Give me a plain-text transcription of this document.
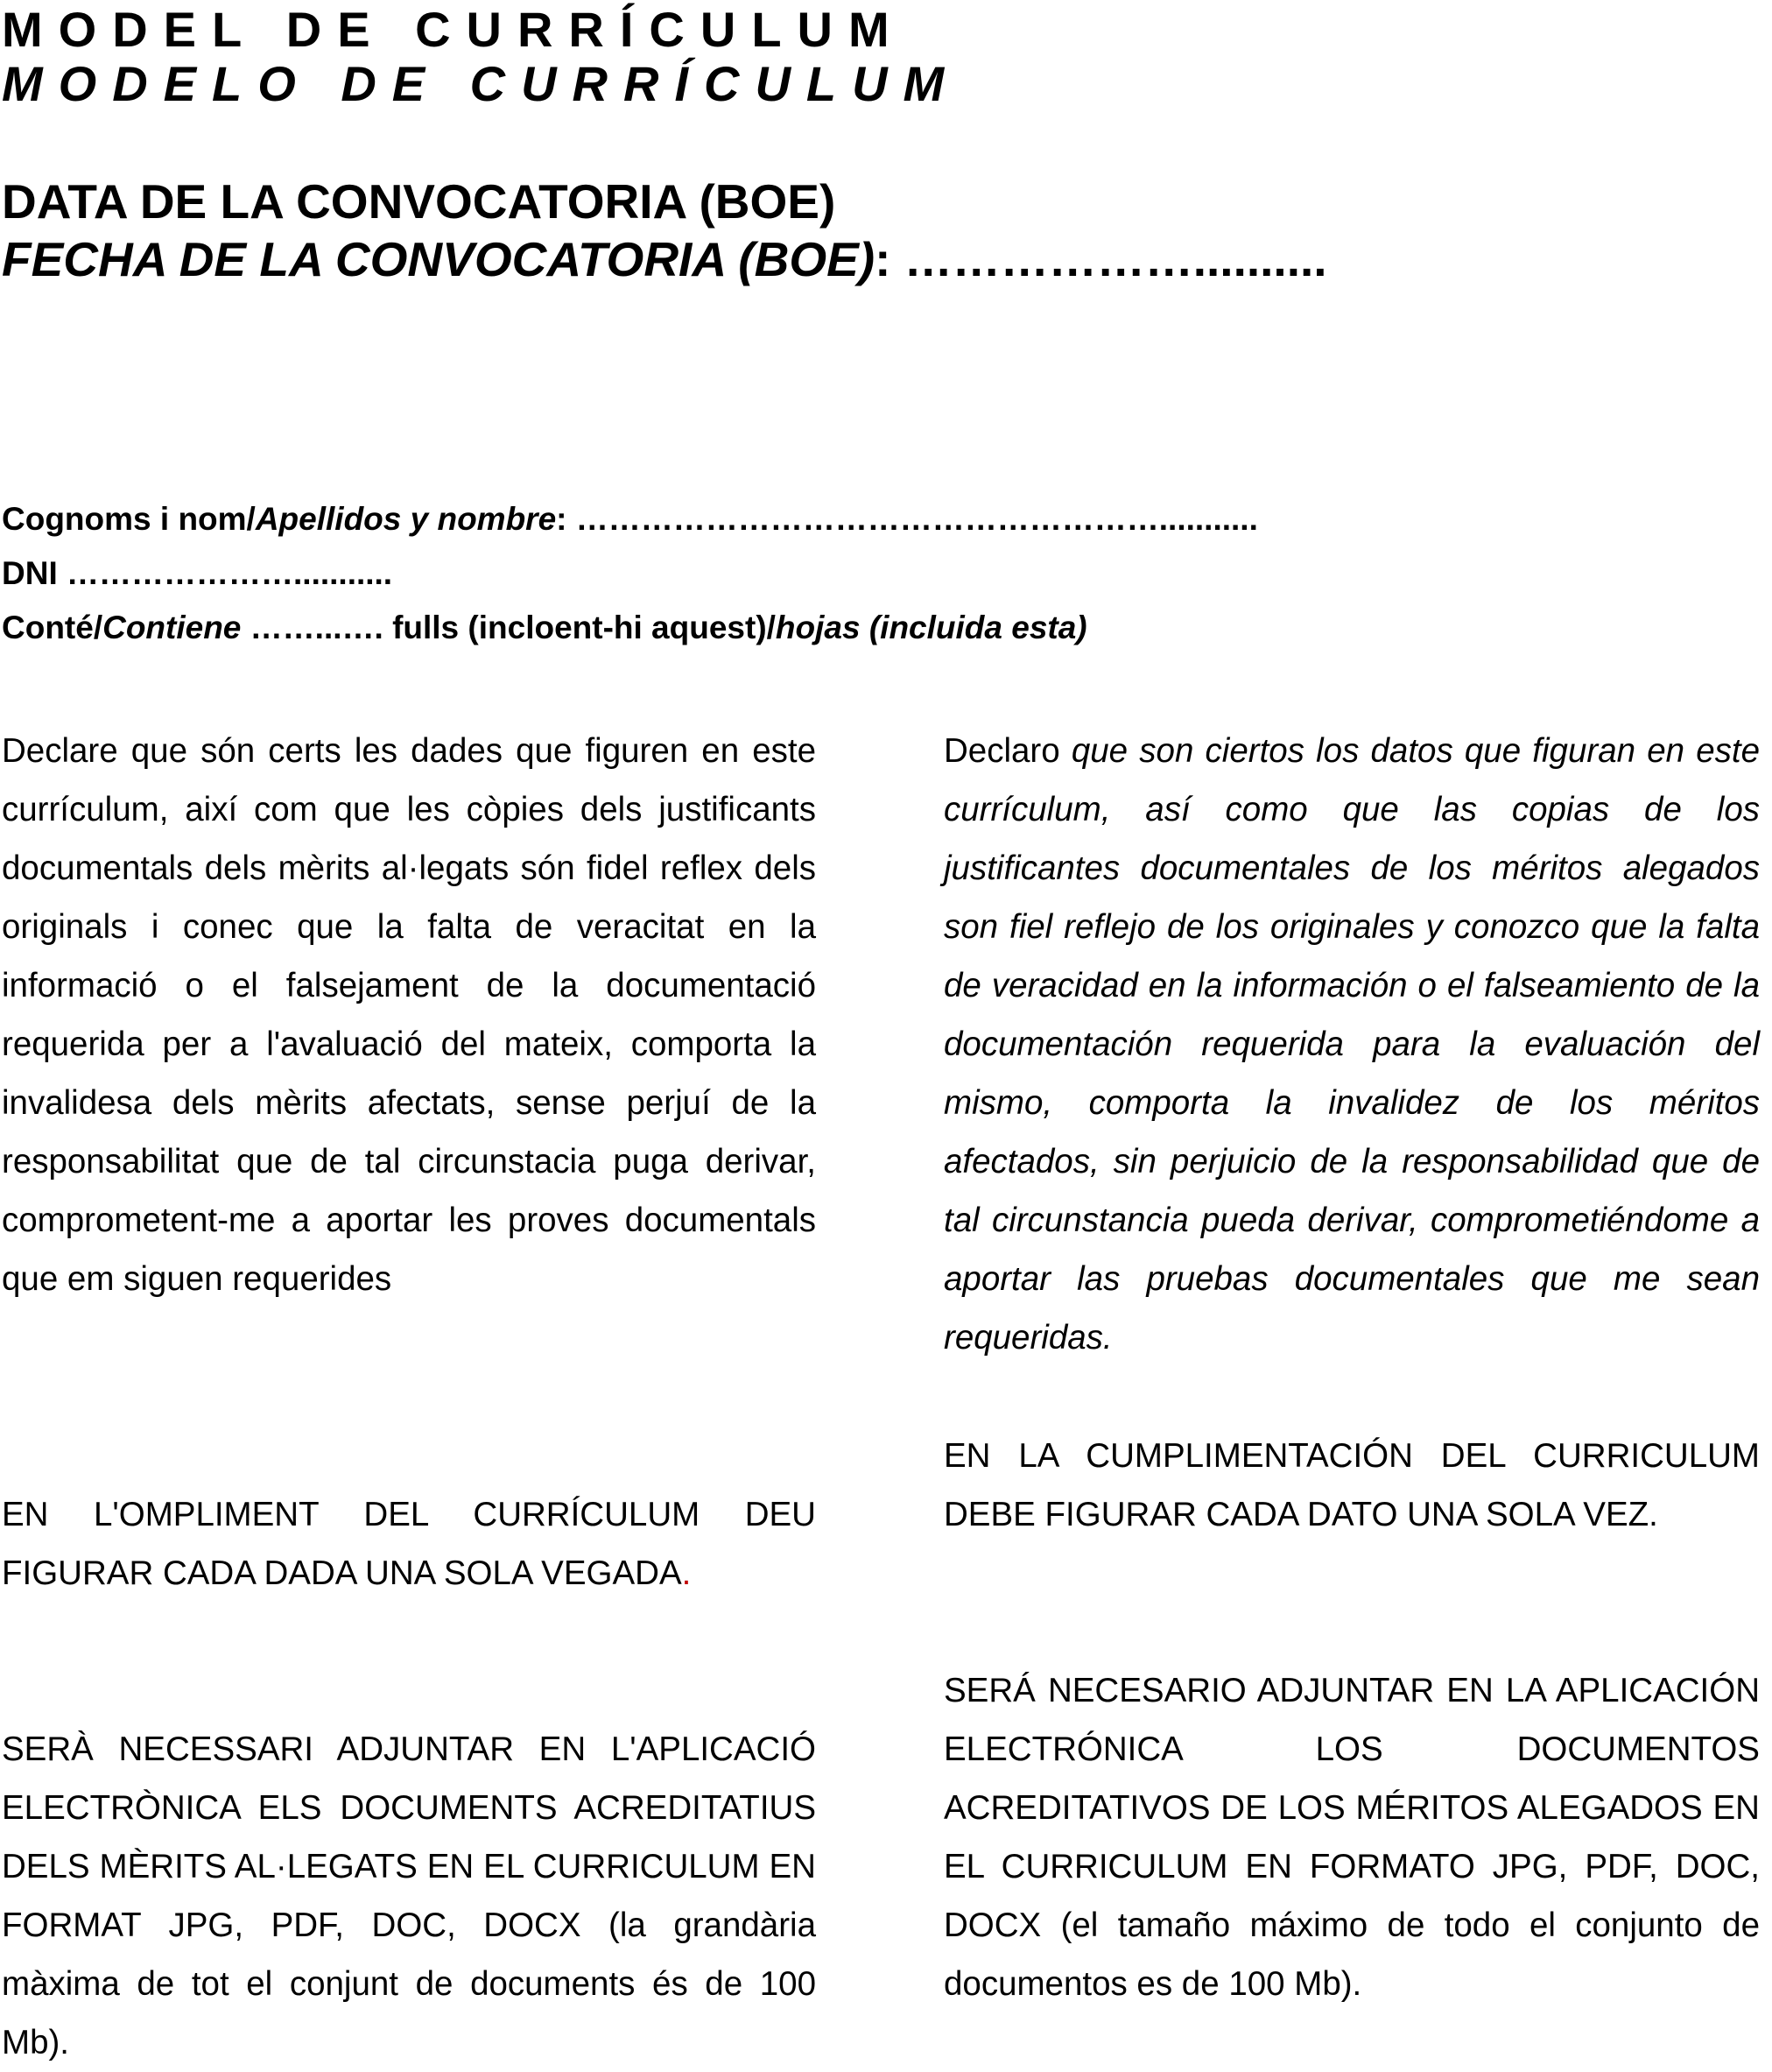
MODEL DE CURRÍCULUM
MODELO DE CURRÍCULUM
DATA DE LA CONVOCATORIA (BOE)
FECHA DE LA CONVOCATORIA (BOE): ………………..........
Cognoms i nom/Apellidos y nombre: ………………………………………………...........
DNI …………………...........
Conté/Contiene ……...…. fulls (incloent-hi aquest)/hojas (incluida esta)

Declare que són certs les dades que figuren en este currículum, així com que les còpies dels justificants documentals dels mèrits al·legats són fidel reflex dels originals i conec que la falta de veracitat en la informació o el falsejament de la documentació requerida per a l'avaluació del mateix, comporta la invalidesa dels mèrits afectats, sense perjuí de la responsabilitat que de tal circunstacia puga derivar, comprometent-me a aportar les proves documentals que em siguen requerides

Declaro que son ciertos los datos que figuran en este currículum, así como que las copias de los justificantes documentales de los méritos alegados son fiel reflejo de los originales y conozco que la falta de veracidad en la información o el falseamiento de la documentación requerida para la evaluación del mismo, comporta la invalidez de los méritos afectados, sin perjuicio de la responsabilidad que de tal circunstancia pueda derivar, comprometiéndome a aportar las pruebas documentales que me sean requeridas.

EN L'OMPLIMENT DEL CURRÍCULUM DEU FIGURAR CADA DADA UNA SOLA VEGADA.

EN LA CUMPLIMENTACIÓN DEL CURRICULUM DEBE FIGURAR CADA DATO UNA SOLA VEZ.

SERÀ NECESSARI ADJUNTAR EN L'APLICACIÓ ELECTRÒNICA ELS DOCUMENTS ACREDITATIUS DELS MÈRITS AL·LEGATS EN EL CURRICULUM EN FORMAT JPG, PDF, DOC, DOCX (la grandària màxima de tot el conjunt de documents és de 100 Mb).

SERÁ NECESARIO ADJUNTAR EN LA APLICACIÓN ELECTRÓNICA LOS DOCUMENTOS ACREDITATIVOS DE LOS MÉRITOS ALEGADOS EN EL CURRICULUM EN FORMATO JPG, PDF, DOC, DOCX (el tamaño máximo de todo el conjunto de documentos es de 100 Mb).
